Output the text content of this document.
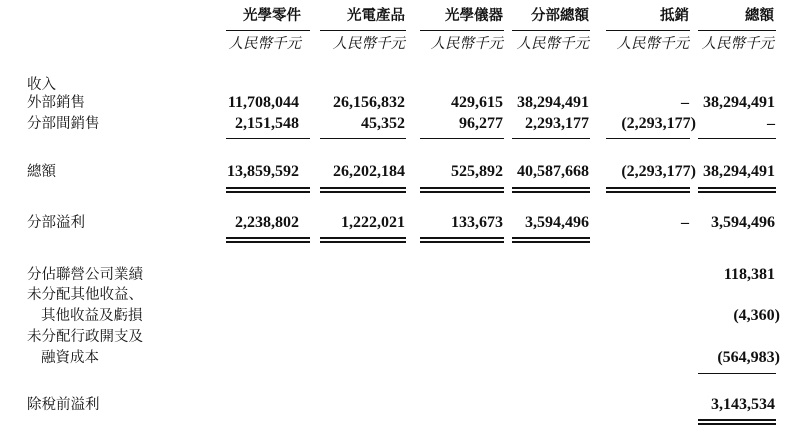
光學零件	光電產品	光學儀器 分部總額	抵銷	總額
人民幣千元 人民幣千元 人民幣千元 人民幣千元 人民幣千元 人民幣千元
收入
外部銷售	11,708,044 26,156,832	429,615 38,294,491	– 38,294,491
分部間銷售	2,151,548	45,352	96,277 2,293,177 (2,293,177)	–
總額	13,859,592 26,202,184	525,892 40,587,668 (2,293,177) 38,294,491
分部溢利	2,238,802	1,222,021	133,673 3,594,496	– 3,594,496
分佔聯營公司業績	118,381
未分配其他收益、
其他收益及虧損	(4,360)
未分配行政開支及
融資成本	(564,983)
除稅前溢利	3,143,534
